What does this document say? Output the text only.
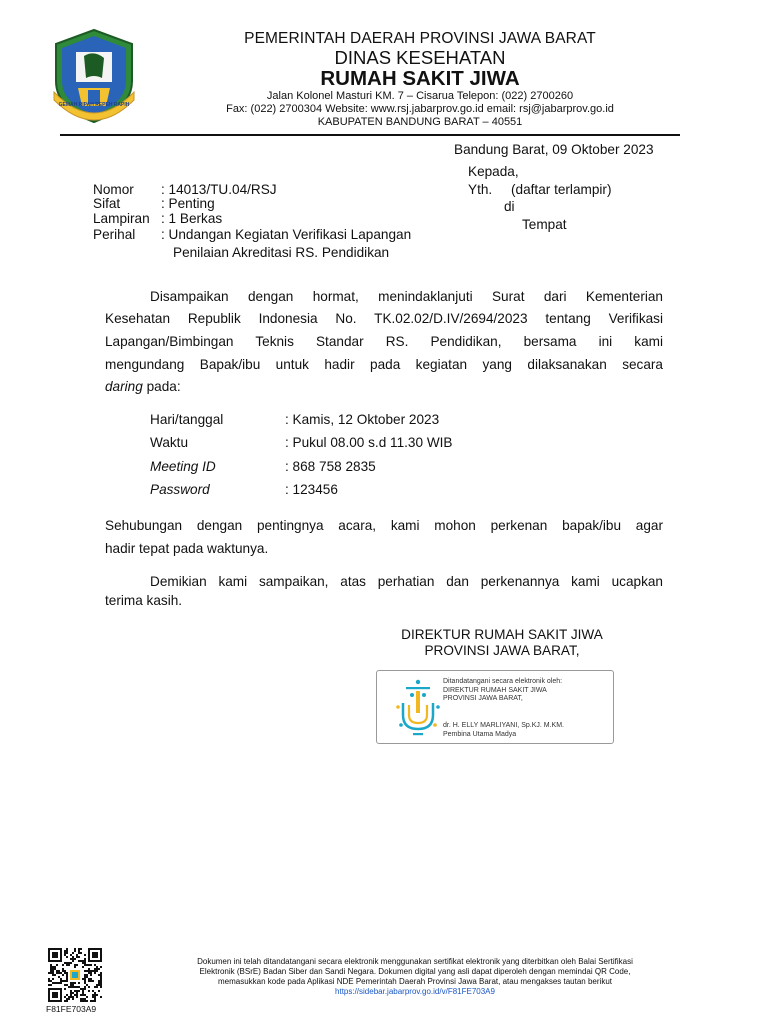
GEMAH RIPAH REPEH RAPIH
PEMERINTAH DAERAH PROVINSI JAWA BARAT
DINAS KESEHATAN
RUMAH SAKIT JIWA
Jalan Kolonel Masturi KM. 7 – Cisarua Telepon: (022) 2700260
Fax: (022) 2700304 Website: www.rsj.jabarprov.go.id email: rsj@jabarprov.go.id
KABUPATEN BANDUNG BARAT – 40551
Bandung Barat, 09 Oktober 2023
Kepada,
Yth. (daftar terlampir)
di
Tempat
Nomor : 14013/TU.04/RSJ
Sifat	: Penting
Lampiran : 1 Berkas
Perihal : Undangan Kegiatan Verifikasi Lapangan
Penilaian Akreditasi RS. Pendidikan
Disampaikan dengan hormat, menindaklanjuti Surat dari Kementerian
Kesehatan Republik Indonesia No. TK.02.02/D.IV/2694/2023 tentang Verifikasi
Lapangan/Bimbingan Teknis Standar RS. Pendidikan, bersama ini kami
mengundang Bapak/ibu untuk hadir pada kegiatan yang dilaksanakan secara
daring pada:
Hari/tanggal	: Kamis, 12 Oktober 2023
Waktu	: Pukul 08.00 s.d 11.30 WIB
Meeting ID	: 868 758 2835
Password	: 123456
Sehubungan dengan pentingnya acara, kami mohon perkenan bapak/ibu agar
hadir tepat pada waktunya.
Demikian kami sampaikan, atas perhatian dan perkenannya kami ucapkan
terima kasih.
DIREKTUR RUMAH SAKIT JIWA
PROVINSI JAWA BARAT,
Ditandatangani secara elektronik oleh:
DIREKTUR RUMAH SAKIT JIWA
PROVINSI JAWA BARAT,
dr. H. ELLY MARLIYANI, Sp.KJ. M.KM.
Pembina Utama Madya
F81FE703A9
Dokumen ini telah ditandatangani secara elektronik menggunakan sertifikat elektronik yang diterbitkan oleh Balai Sertifikasi
Elektronik (BSrE) Badan Siber dan Sandi Negara. Dokumen digital yang asli dapat diperoleh dengan memindai QR Code,
memasukkan kode pada Aplikasi NDE Pemerintah Daerah Provinsi Jawa Barat, atau mengakses tautan berikut
https://sidebar.jabarprov.go.id/v/F81FE703A9
